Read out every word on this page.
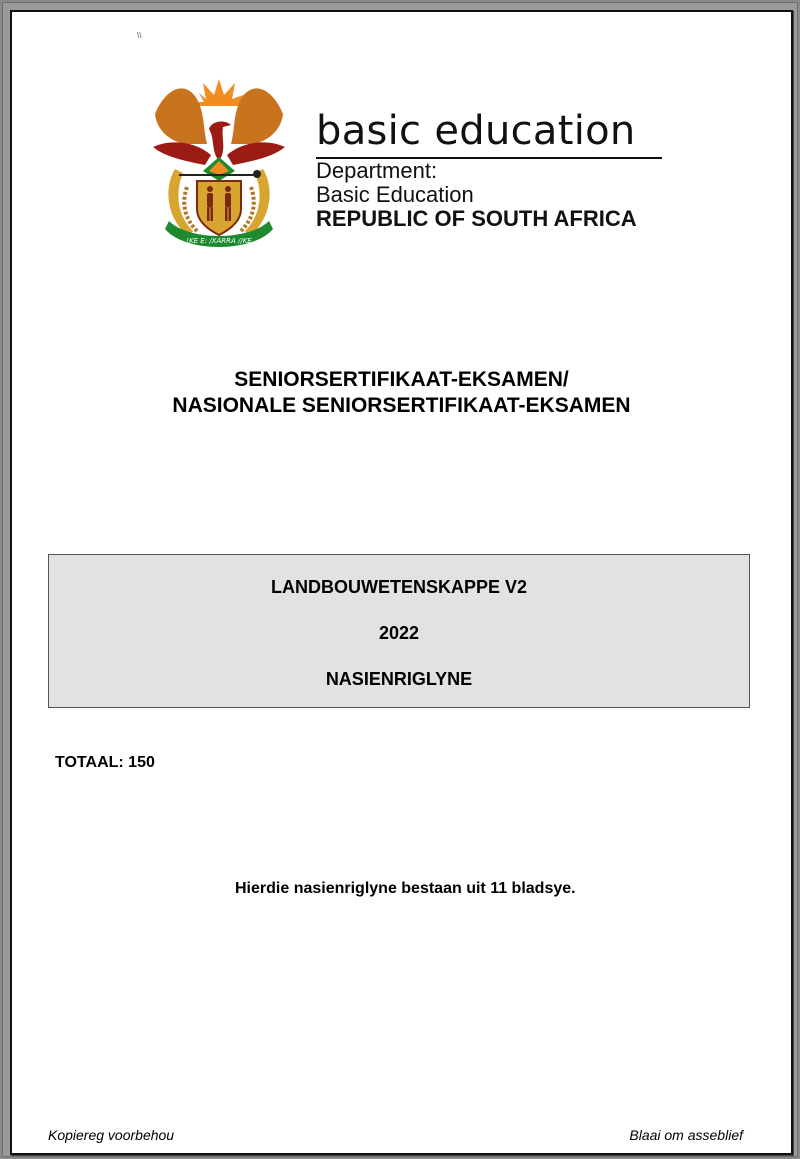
\\
!KE E: /XARRA //KE
basic education
Department:
Basic Education
REPUBLIC OF SOUTH AFRICA
SENIORSERTIFIKAAT-EKSAMEN/
NASIONALE SENIORSERTIFIKAAT-EKSAMEN
LANDBOUWETENSKAPPE V2
2022
NASIENRIGLYNE
TOTAAL: 150
Hierdie nasienriglyne bestaan uit 11 bladsye.
Kopiereg voorbehou	Blaai om asseblief
